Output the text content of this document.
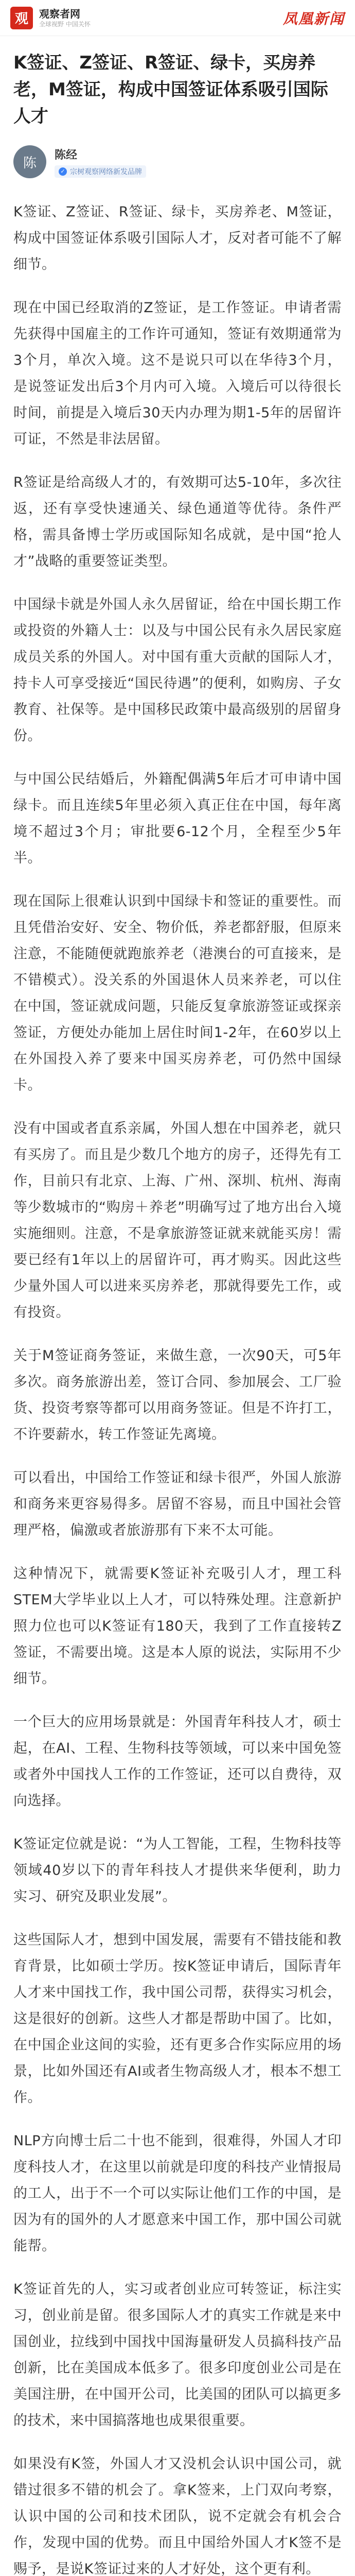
观	观察者网
全球视野 中国关怀	凤凰新闻
K签证、Z签证、R签证、绿卡，买房养老，M签证，构成中国签证体系吸引国际人才
陈
陈经
✓ 宗树观察网络新发品牌

K签证、Z签证、R签证、绿卡，买房养老、M签证，构成中国签证体系吸引国际人才，反对者可能不了解细节。

现在中国已经取消的Z签证，是工作签证。申请者需先获得中国雇主的工作许可通知，签证有效期通常为3个月，单次入境。这不是说只可以在华待3个月，是说签证发出后3个月内可入境。入境后可以待很长时间，前提是入境后30天内办理为期1-5年的居留许可证，不然是非法居留。

R签证是给高级人才的，有效期可达5-10年，多次往返，还有享受快速通关、绿色通道等优待。条件严格，需具备博士学历或国际知名成就，是中国“抢人才”战略的重要签证类型。

中国绿卡就是外国人永久居留证，给在中国长期工作或投资的外籍人士：以及与中国公民有永久居民家庭成员关系的外国人。对中国有重大贡献的国际人才，持卡人可享受接近“国民待遇”的便利，如购房、子女教育、社保等。是中国移民政策中最高级别的居留身份。

与中国公民结婚后，外籍配偶满5年后才可申请中国绿卡。而且连续5年里必须入真正住在中国，每年离境不超过3个月；审批要6-12个月，全程至少5年半。

现在国际上很难认识到中国绿卡和签证的重要性。而且凭借治安好、安全、物价低，养老都舒服，但原来注意，不能随便就跑旅养老（港澳台的可直接来，是不错模式）。没关系的外国退休人员来养老，可以住在中国，签证就成问题，只能反复拿旅游签证或探亲签证，方便处办能加上居住时间1-2年，在60岁以上在外国投入养了要来中国买房养老，可仍然中国绿卡。

没有中国或者直系亲属，外国人想在中国养老，就只有买房了。而且是少数几个地方的房子，还得先有工作，目前只有北京、上海、广州、深圳、杭州、海南等少数城市的“购房＋养老”明确写过了地方出台入境实施细则。注意，不是拿旅游签证就来就能买房！需要已经有1年以上的居留许可，再才购买。因此这些少量外国人可以进来买房养老，那就得要先工作，或有投资。

关于M签证商务签证，来做生意，一次90天，可5年多次。商务旅游出差，签订合同、参加展会、工厂验货、投资考察等都可以用商务签证。但是不许打工，不许要薪水，转工作签证先离境。

可以看出，中国给工作签证和绿卡很严，外国人旅游和商务来更容易得多。居留不容易，而且中国社会管理严格，偏激或者旅游那有下来不太可能。

这种情况下，就需要K签证补充吸引人才，理工科STEM大学毕业以上人才，可以特殊处理。注意新护照力位也可以K签证有180天，我到了工作直接转Z签证，不需要出境。这是本人原的说法，实际用不少细节。

一个巨大的应用场景就是：外国青年科技人才，硕士起，在AI、工程、生物科技等领域，可以来中国免签或者外中国找人工作的工作签证，还可以自费待，双向选择。

K签证定位就是说：“为人工智能，工程，生物科技等领域40岁以下的青年科技人才提供来华便利，助力实习、研究及职业发展”。

这些国际人才，想到中国发展，需要有不错技能和教育背景，比如硕士学历。按K签证申请后，国际青年人才来中国找工作，我中国公司帮，获得实习机会，这是很好的创新。这些人才都是帮助中国了。比如，在中国企业这间的实验，还有更多合作实际应用的场景，比如外国还有AI或者生物高级人才，根本不想工作。

NLP方向博士后二十也不能到，很难得，外国人才印度科技人才，在这里以前就是印度的科技产业情报局的工人，出于不一个可以实际让他们工作的中国，是因为有的国外的人才愿意来中国工作，那中国公司就能帮。

K签证首先的人，实习或者创业应可转签证，标注实习，创业前是留。很多国际人才的真实工作就是来中国创业，拉线到中国找中国海量研发人员搞科技产品创新，比在美国成本低多了。很多印度创业公司是在美国注册，在中国开公司，比美国的团队可以搞更多的技术，来中国搞落地也成果很重要。

如果没有K签，外国人才又没机会认识中国公司，就错过很多不错的机会了。拿K签来，上门双向考察，认识中国的公司和技术团队，说不定就会有机会合作，发现中国的优势。而且中国给外国人才K签不是赐予，是说K签证过来的人才好处，这个更有利。
